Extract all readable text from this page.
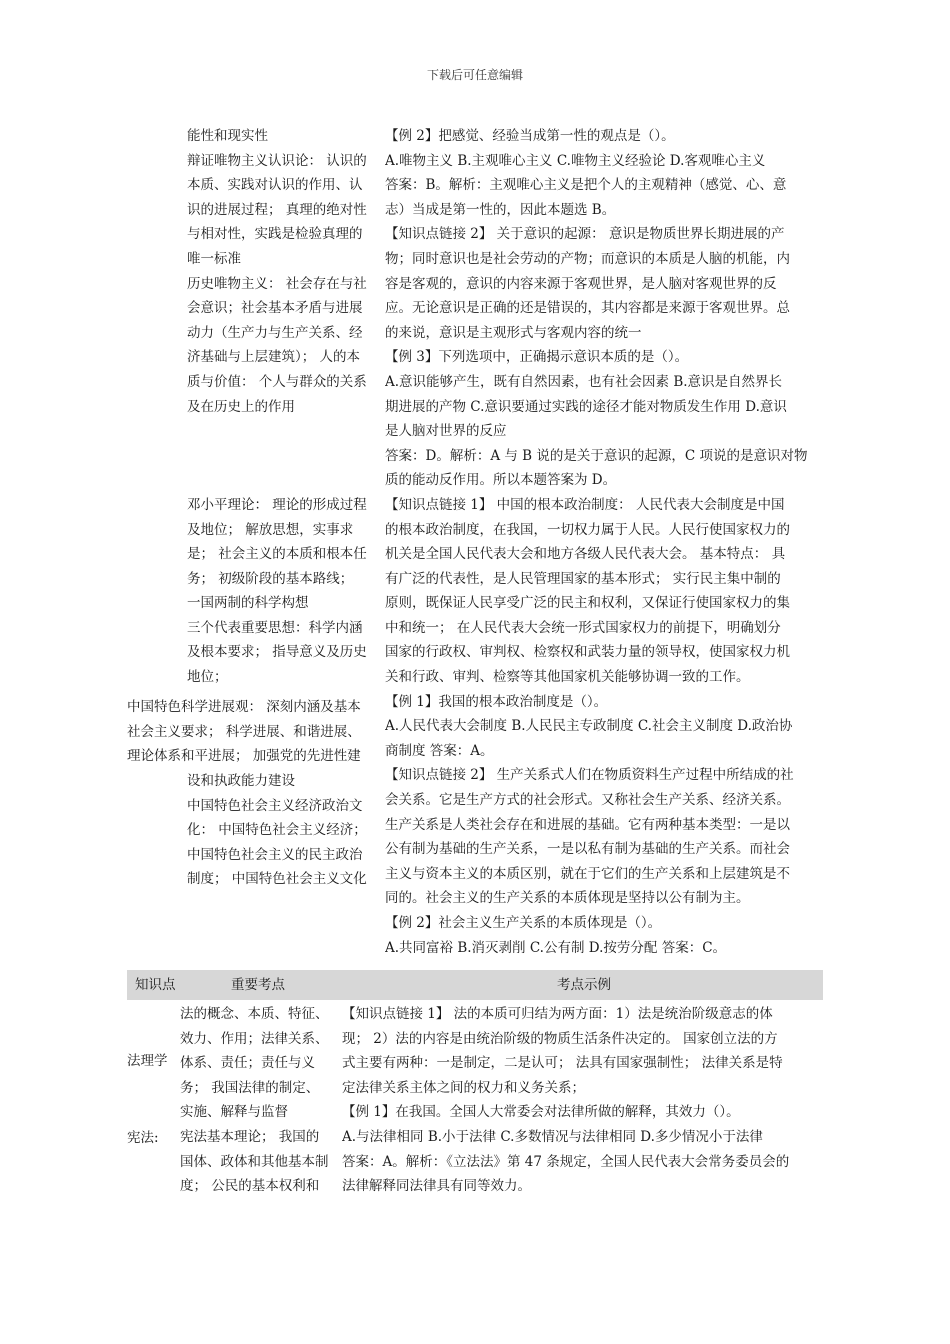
下载后可任意编辑
能性和现实性
辩证唯物主义认识论： 认识的
本质、实践对认识的作用、认
识的进展过程； 真理的绝对性
与相对性，实践是检验真理的
唯一标准
历史唯物主义： 社会存在与社
会意识；社会基本矛盾与进展
动力（生产力与生产关系、经
济基础与上层建筑）； 人的本
质与价值： 个人与群众的关系
及在历史上的作用
邓小平理论： 理论的形成过程
及地位； 解放思想，实事求
是； 社会主义的本质和根本任
务； 初级阶段的基本路线；
一国两制的科学构想
三个代表重要思想：科学内涵
及根本要求； 指导意义及历史
地位；
中国特色科学进展观： 深刻内涵及基本
社会主义要求； 科学进展、和谐进展、
理论体系和平进展； 加强党的先进性建
设和执政能力建设
中国特色社会主义经济政治文
化： 中国特色社会主义经济；
中国特色社会主义的民主政治
制度； 中国特色社会主义文化
【例 2】把感觉、经验当成第一性的观点是（）。
A.唯物主义 B.主观唯心主义 C.唯物主义经验论 D.客观唯心主义
答案：B。解析：主观唯心主义是把个人的主观精神（感觉、心、意
志）当成是第一性的，因此本题选 B。
【知识点链接 2】 关于意识的起源： 意识是物质世界长期进展的产
物；同时意识也是社会劳动的产物；而意识的本质是人脑的机能，内
容是客观的，意识的内容来源于客观世界，是人脑对客观世界的反
应。无论意识是正确的还是错误的，其内容都是来源于客观世界。总
的来说，意识是主观形式与客观内容的统一
【例 3】下列选项中，正确揭示意识本质的是（）。
A.意识能够产生，既有自然因素，也有社会因素 B.意识是自然界长
期进展的产物 C.意识要通过实践的途径才能对物质发生作用 D.意识
是人脑对世界的反应
答案：D。解析：A 与 B 说的是关于意识的起源，C 项说的是意识对物
质的能动反作用。所以本题答案为 D。
【知识点链接 1】 中国的根本政治制度： 人民代表大会制度是中国
的根本政治制度，在我国，一切权力属于人民。人民行使国家权力的
机关是全国人民代表大会和地方各级人民代表大会。 基本特点： 具
有广泛的代表性，是人民管理国家的基本形式； 实行民主集中制的
原则，既保证人民享受广泛的民主和权利，又保证行使国家权力的集
中和统一； 在人民代表大会统一形式国家权力的前提下，明确划分
国家的行政权、审判权、检察权和武装力量的领导权，使国家权力机
关和行政、审判、检察等其他国家机关能够协调一致的工作。
【例 1】我国的根本政治制度是（）。
A.人民代表大会制度 B.人民民主专政制度 C.社会主义制度 D.政治协
商制度 答案：A。
【知识点链接 2】 生产关系式人们在物质资料生产过程中所结成的社
会关系。它是生产方式的社会形式。又称社会生产关系、经济关系。
生产关系是人类社会存在和进展的基础。它有两种基本类型：一是以
公有制为基础的生产关系，一是以私有制为基础的生产关系。而社会
主义与资本主义的本质区别，就在于它们的生产关系和上层建筑是不
同的。社会主义的生产关系的本质体现是坚持以公有制为主。
【例 2】社会主义生产关系的本质体现是（）。
A.共同富裕 B.消灭剥削 C.公有制 D.按劳分配 答案：C。
知识点	重要考点	考点示例
法理学
宪法:
法的概念、本质、特征、
效力、作用；法律关系、
体系、责任；责任与义
务； 我国法律的制定、
实施、解释与监督
宪法基本理论； 我国的
国体、政体和其他基本制
度； 公民的基本权利和
【知识点链接 1】 法的本质可归结为两方面：1）法是统治阶级意志的体
现； 2）法的内容是由统治阶级的物质生活条件决定的。 国家创立法的方
式主要有两种：一是制定，二是认可； 法具有国家强制性； 法律关系是特
定法律关系主体之间的权力和义务关系；
【例 1】在我国。全国人大常委会对法律所做的解释，其效力（）。
A.与法律相同 B.小于法律 C.多数情况与法律相同 D.多少情况小于法律
答案：A。解析：《立法法》第 47 条规定，全国人民代表大会常务委员会的
法律解释同法律具有同等效力。
